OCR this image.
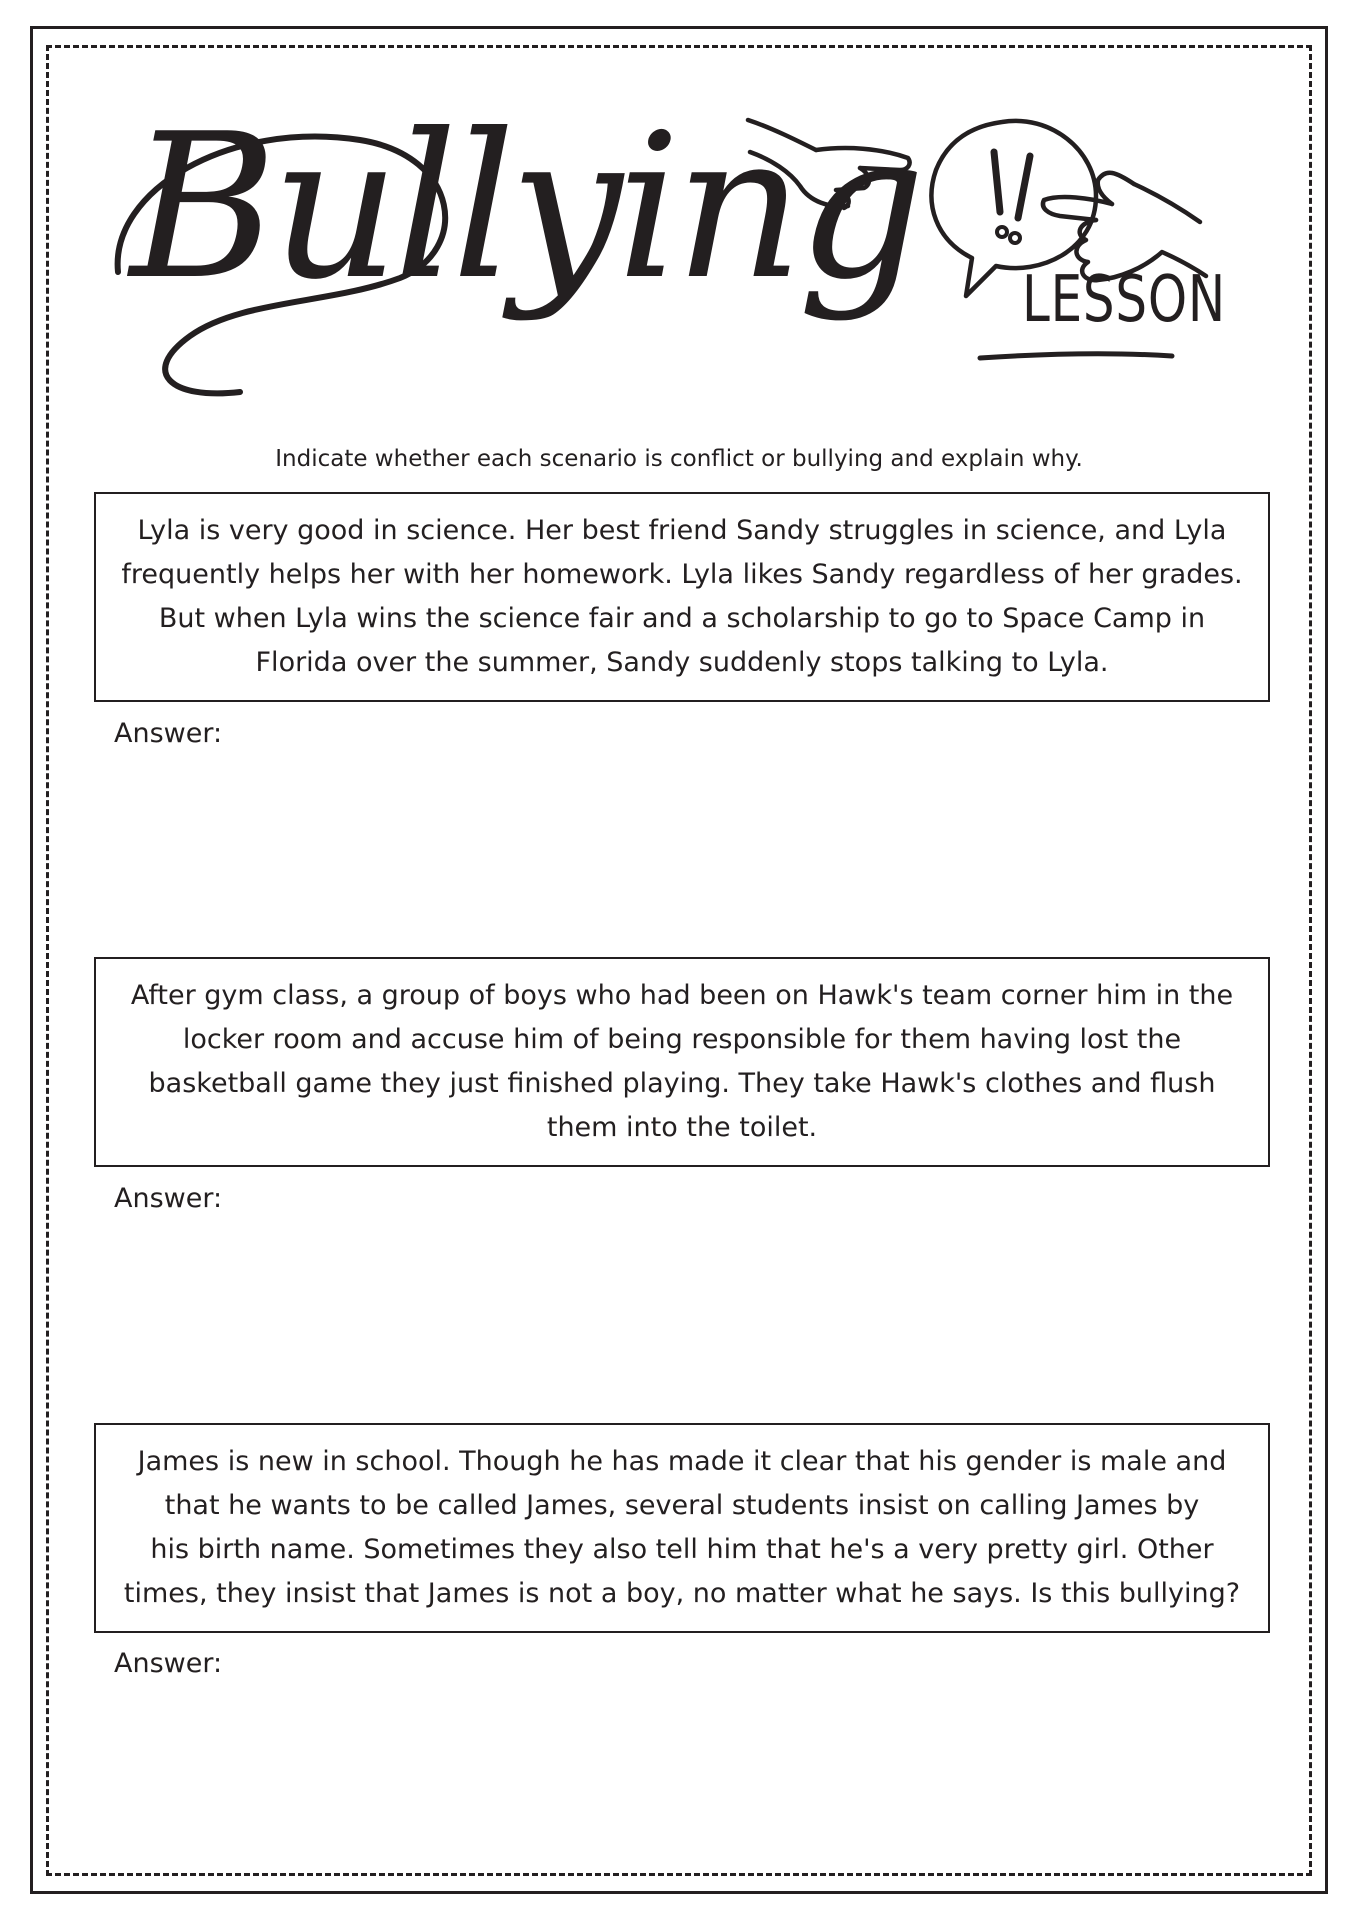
Bullying LESSON
Indicate whether each scenario is conflict or bullying and explain why.
Lyla is very good in science. Her best friend Sandy struggles in science, and Lyla
frequently helps her with her homework. Lyla likes Sandy regardless of her grades.
But when Lyla wins the science fair and a scholarship to go to Space Camp in
Florida over the summer, Sandy suddenly stops talking to Lyla.
Answer:
After gym class, a group of boys who had been on Hawk's team corner him in the
locker room and accuse him of being responsible for them having lost the
basketball game they just finished playing. They take Hawk's clothes and flush
them into the toilet.
Answer:
James is new in school. Though he has made it clear that his gender is male and
that he wants to be called James, several students insist on calling James by
his birth name. Sometimes they also tell him that he's a very pretty girl. Other
times, they insist that James is not a boy, no matter what he says. Is this bullying?
Answer:
